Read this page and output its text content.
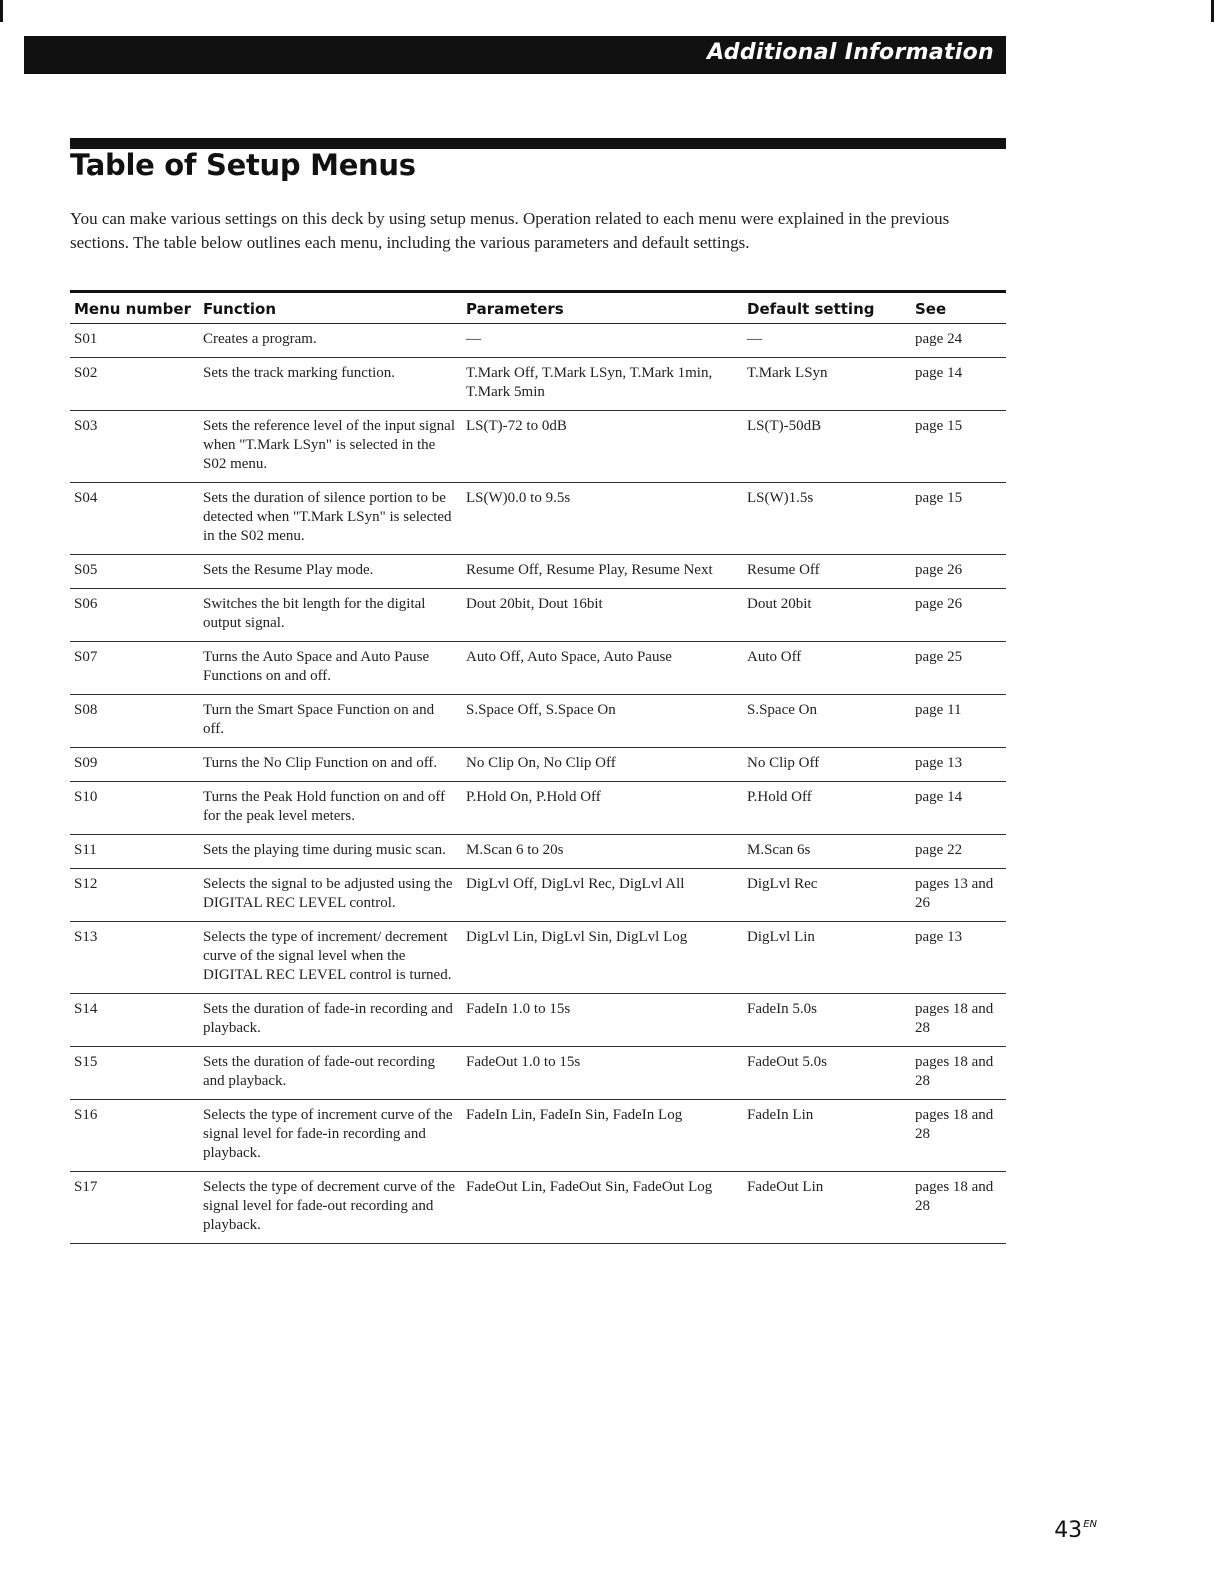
Additional Information
Table of Setup Menus

You can make various settings on this deck by using setup menus. Operation related to each menu were explained in the previous sections. The table below outlines each menu, including the various parameters and default settings.

Menu number	Function	Parameters	Default setting	See
S01	Creates a program.	—	—	page 24
S02	Sets the track marking function.	T.Mark Off, T.Mark LSyn, T.Mark 1min, T.Mark 5min	T.Mark LSyn	page 14
S03	Sets the reference level of the input signal when "T.Mark LSyn" is selected in the S02 menu.	LS(T)-72 to 0dB	LS(T)-50dB	page 15
S04	Sets the duration of silence portion to be detected when "T.Mark LSyn" is selected in the S02 menu.	LS(W)0.0 to 9.5s	LS(W)1.5s	page 15
S05	Sets the Resume Play mode.	Resume Off, Resume Play, Resume Next	Resume Off	page 26
S06	Switches the bit length for the digital output signal.	Dout 20bit, Dout 16bit	Dout 20bit	page 26
S07	Turns the Auto Space and Auto Pause Functions on and off.	Auto Off, Auto Space, Auto Pause	Auto Off	page 25
S08	Turn the Smart Space Function on and off.	S.Space Off, S.Space On	S.Space On	page 11
S09	Turns the No Clip Function on and off.	No Clip On, No Clip Off	No Clip Off	page 13
S10	Turns the Peak Hold function on and off for the peak level meters.	P.Hold On, P.Hold Off	P.Hold Off	page 14
S11	Sets the playing time during music scan.	M.Scan 6 to 20s	M.Scan 6s	page 22
S12	Selects the signal to be adjusted using the DIGITAL REC LEVEL control.	DigLvl Off, DigLvl Rec, DigLvl All	DigLvl Rec	pages 13 and 26
S13	Selects the type of increment/ decrement curve of the signal level when the DIGITAL REC LEVEL control is turned.	DigLvl Lin, DigLvl Sin, DigLvl Log	DigLvl Lin	page 13
S14	Sets the duration of fade-in recording and playback.	FadeIn 1.0 to 15s	FadeIn 5.0s	pages 18 and 28
S15	Sets the duration of fade-out recording and playback.	FadeOut 1.0 to 15s	FadeOut 5.0s	pages 18 and 28
S16	Selects the type of increment curve of the signal level for fade-in recording and playback.	FadeIn Lin, FadeIn Sin, FadeIn Log	FadeIn Lin	pages 18 and 28
S17	Selects the type of decrement curve of the signal level for fade-out recording and playback.	FadeOut Lin, FadeOut Sin, FadeOut Log	FadeOut Lin	pages 18 and 28
$43^{EN}$
